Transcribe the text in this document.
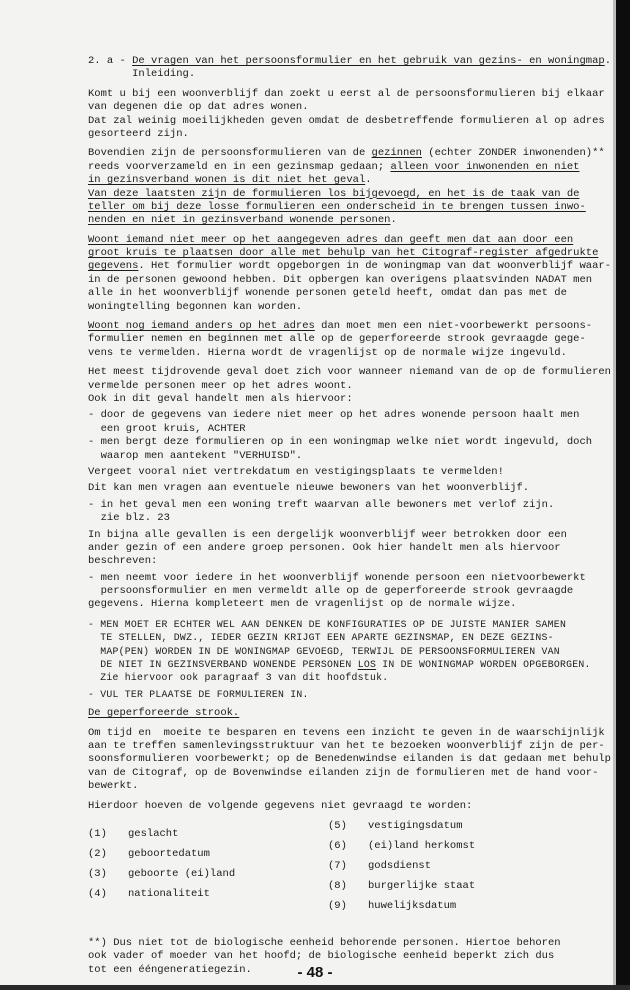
2. a - De vragen van het persoonsformulier en het gebruik van gezins- en woningmap.
Inleiding.
Komt u bij een woonverblijf dan zoekt u eerst al de persoonsformulieren bij elkaar
van degenen die op dat adres wonen.
Dat zal weinig moeilijkheden geven omdat de desbetreffende formulieren al op adres
gesorteerd zijn.
Bovendien zijn de persoonsformulieren van de gezinnen (echter ZONDER inwonenden)**
reeds voorverzameld en in een gezinsmap gedaan; alleen voor inwonenden en niet
in gezinsverband wonen is dit niet het geval.
Van deze laatsten zijn de formulieren los bijgevoegd, en het is de taak van de
teller om bij deze losse formulieren een onderscheid in te brengen tussen inwo-
nenden en niet in gezinsverband wonende personen.
Woont iemand niet meer op het aangegeven adres dan geeft men dat aan door een
groot kruis te plaatsen door alle met behulp van het Citograf-register afgedrukte
gegevens. Het formulier wordt opgeborgen in de woningmap van dat woonverblijf waar-
in de personen gewoond hebben. Dit opbergen kan overigens plaatsvinden NADAT men
alle in het woonverblijf wonende personen geteld heeft, omdat dan pas met de
woningtelling begonnen kan worden.
Woont nog iemand anders op het adres dan moet men een niet-voorbewerkt persoons-
formulier nemen en beginnen met alle op de geperforeerde strook gevraagde gege-
vens te vermelden. Hierna wordt de vragenlijst op de normale wijze ingevuld.
Het meest tijdrovende geval doet zich voor wanneer niemand van de op de formulieren
vermelde personen meer op het adres woont.
Ook in dit geval handelt men als hiervoor:
- door de gegevens van iedere niet meer op het adres wonende persoon haalt men
een groot kruis, ACHTER
- men bergt deze formulieren op in een woningmap welke niet wordt ingevuld, doch
waarop men aantekent "VERHUISD".
Vergeet vooral niet vertrekdatum en vestigingsplaats te vermelden!
Dit kan men vragen aan eventuele nieuwe bewoners van het woonverblijf.
- in het geval men een woning treft waarvan alle bewoners met verlof zijn.
zie blz. 23
In bijna alle gevallen is een dergelijk woonverblijf weer betrokken door een
ander gezin of een andere groep personen. Ook hier handelt men als hiervoor
beschreven:
- men neemt voor iedere in het woonverblijf wonende persoon een nietvoorbewerkt
persoonsformulier en men vermeldt alle op de geperforeerde strook gevraagde
gegevens. Hierna kompleteert men de vragenlijst op de normale wijze.
- MEN MOET ER ECHTER WEL AAN DENKEN DE KONFIGURATIES OP DE JUISTE MANIER SAMEN
TE STELLEN, DWZ., IEDER GEZIN KRIJGT EEN APARTE GEZINSMAP, EN DEZE GEZINS-
MAP(PEN) WORDEN IN DE WONINGMAP GEVOEGD, TERWIJL DE PERSOONSFORMULIEREN VAN
DE NIET IN GEZINSVERBAND WONENDE PERSONEN LOS IN DE WONINGMAP WORDEN OPGEBORGEN.
Zie hiervoor ook paragraaf 3 van dit hoofdstuk.
- VUL TER PLAATSE DE FORMULIEREN IN.
De geperforeerde strook.
Om tijd en  moeite te besparen en tevens een inzicht te geven in de waarschijnlijk
aan te treffen samenlevingsstruktuur van het te bezoeken woonverblijf zijn de per-
soonsformulieren voorbewerkt; op de Benedenwindse eilanden is dat gedaan met behulp
van de Citograf, op de Bovenwindse eilanden zijn de formulieren met de hand voor-
bewerkt.
Hierdoor hoeven de volgende gegevens niet gevraagd te worden:
(1) geslacht
(2) geboortedatum
(3) geboorte (ei)land
(4) nationaliteit
(5) vestigingsdatum
(6) (ei)land herkomst
(7) godsdienst
(8) burgerlijke staat
(9) huwelijksdatum
**) Dus niet tot de biologische eenheid behorende personen. Hiertoe behoren
ook vader of moeder van het hoofd; de biologische eenheid beperkt zich dus
tot een ééngeneratiegezin.	- 48 -
